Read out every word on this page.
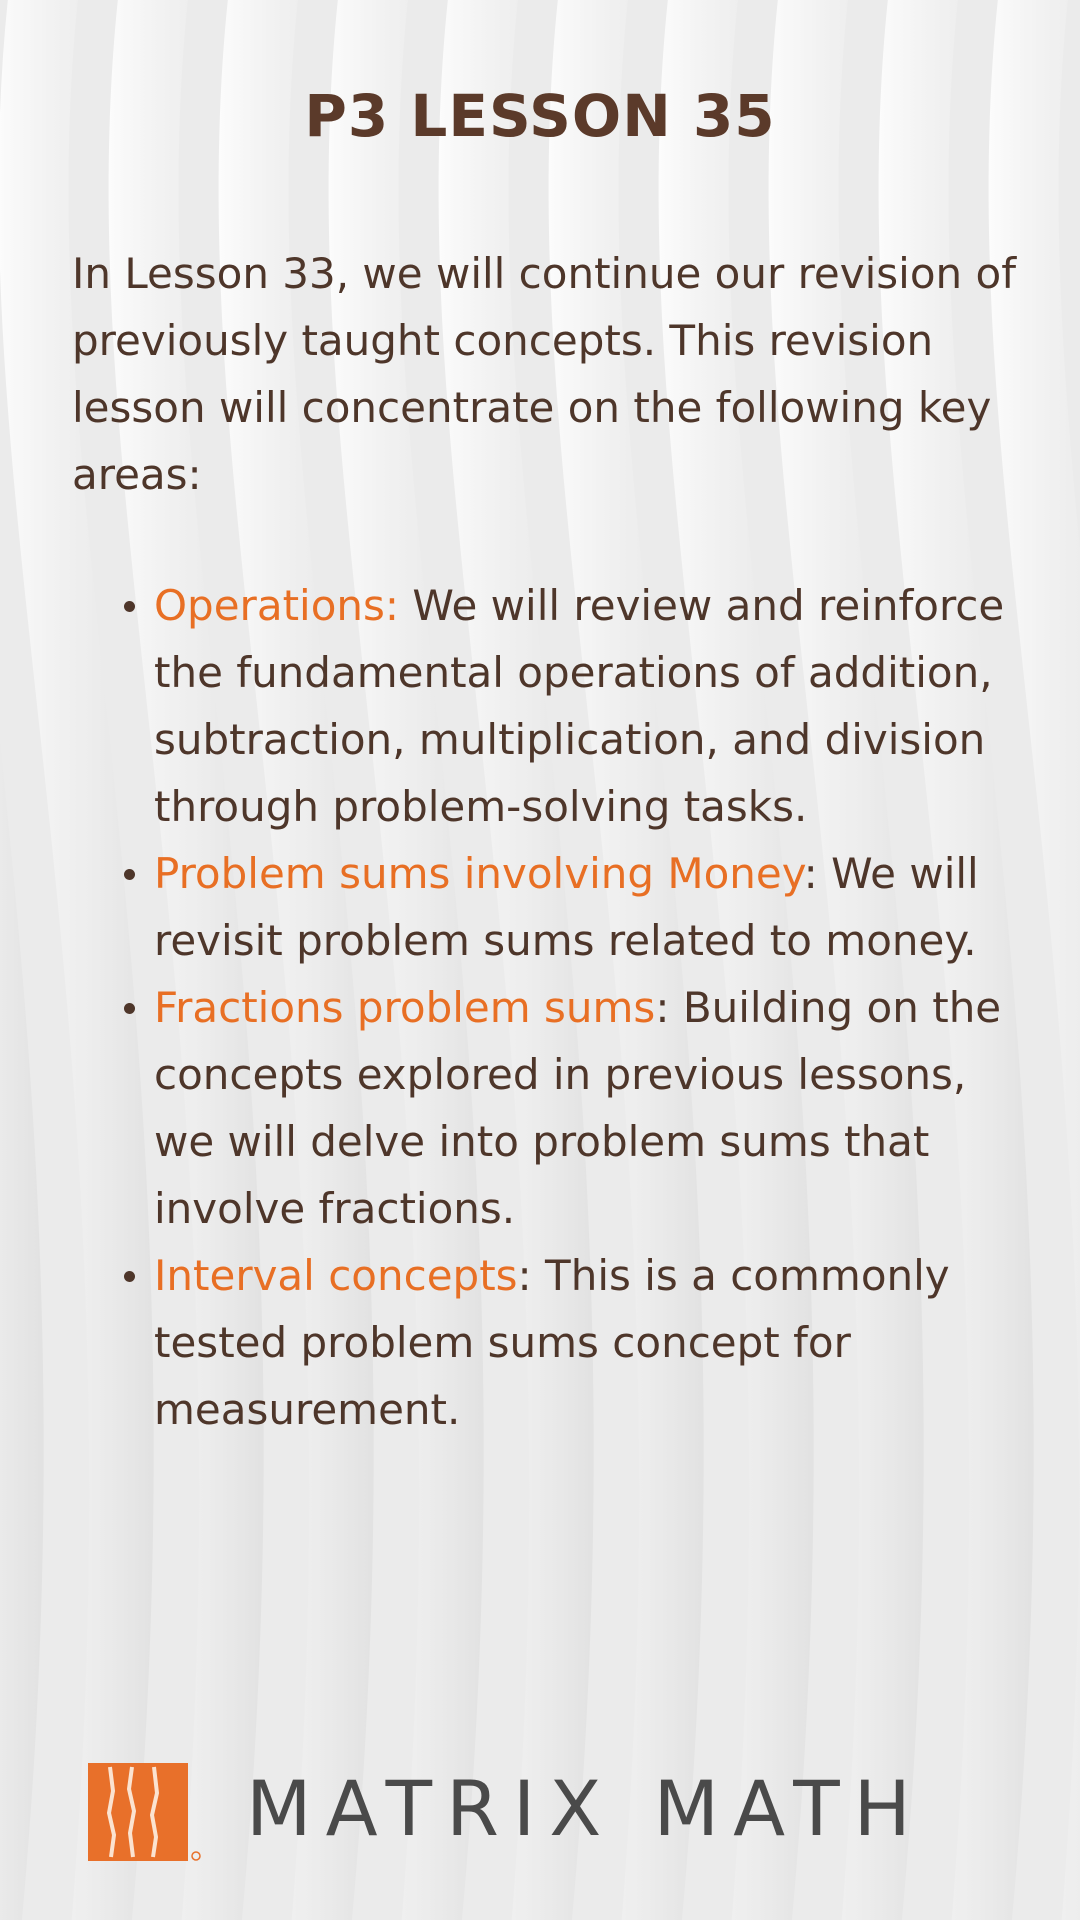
P3 LESSON 35

In Lesson 33, we will continue our revision of previously taught concepts. This revision lesson will concentrate on the following key areas:

Operations: We will review and reinforce the fundamental operations of addition, subtraction, multiplication, and division through problem-solving tasks.
Problem sums involving Money: We will revisit problem sums related to money.
Fractions problem sums: Building on the concepts explored in previous lessons, we will delve into problem sums that involve fractions.
Interval concepts: This is a commonly tested problem sums concept for measurement.
MATRIX MATH
